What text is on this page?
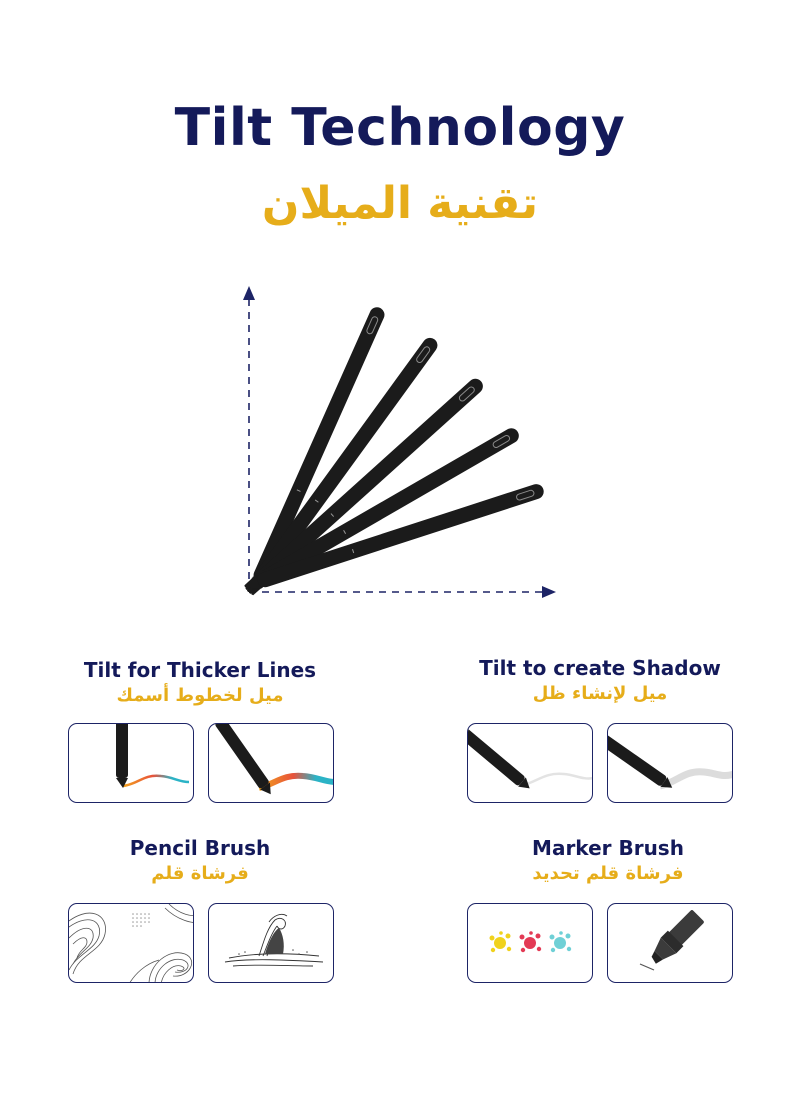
Tilt Technology
تقنية الميلان
Tilt for Thicker Lines
ميل لخطوط أسمك
Tilt to create Shadow
ميل لإنشاء ظل
Pencil Brush
فرشاة قلم
Marker Brush
فرشاة قلم تحديد
